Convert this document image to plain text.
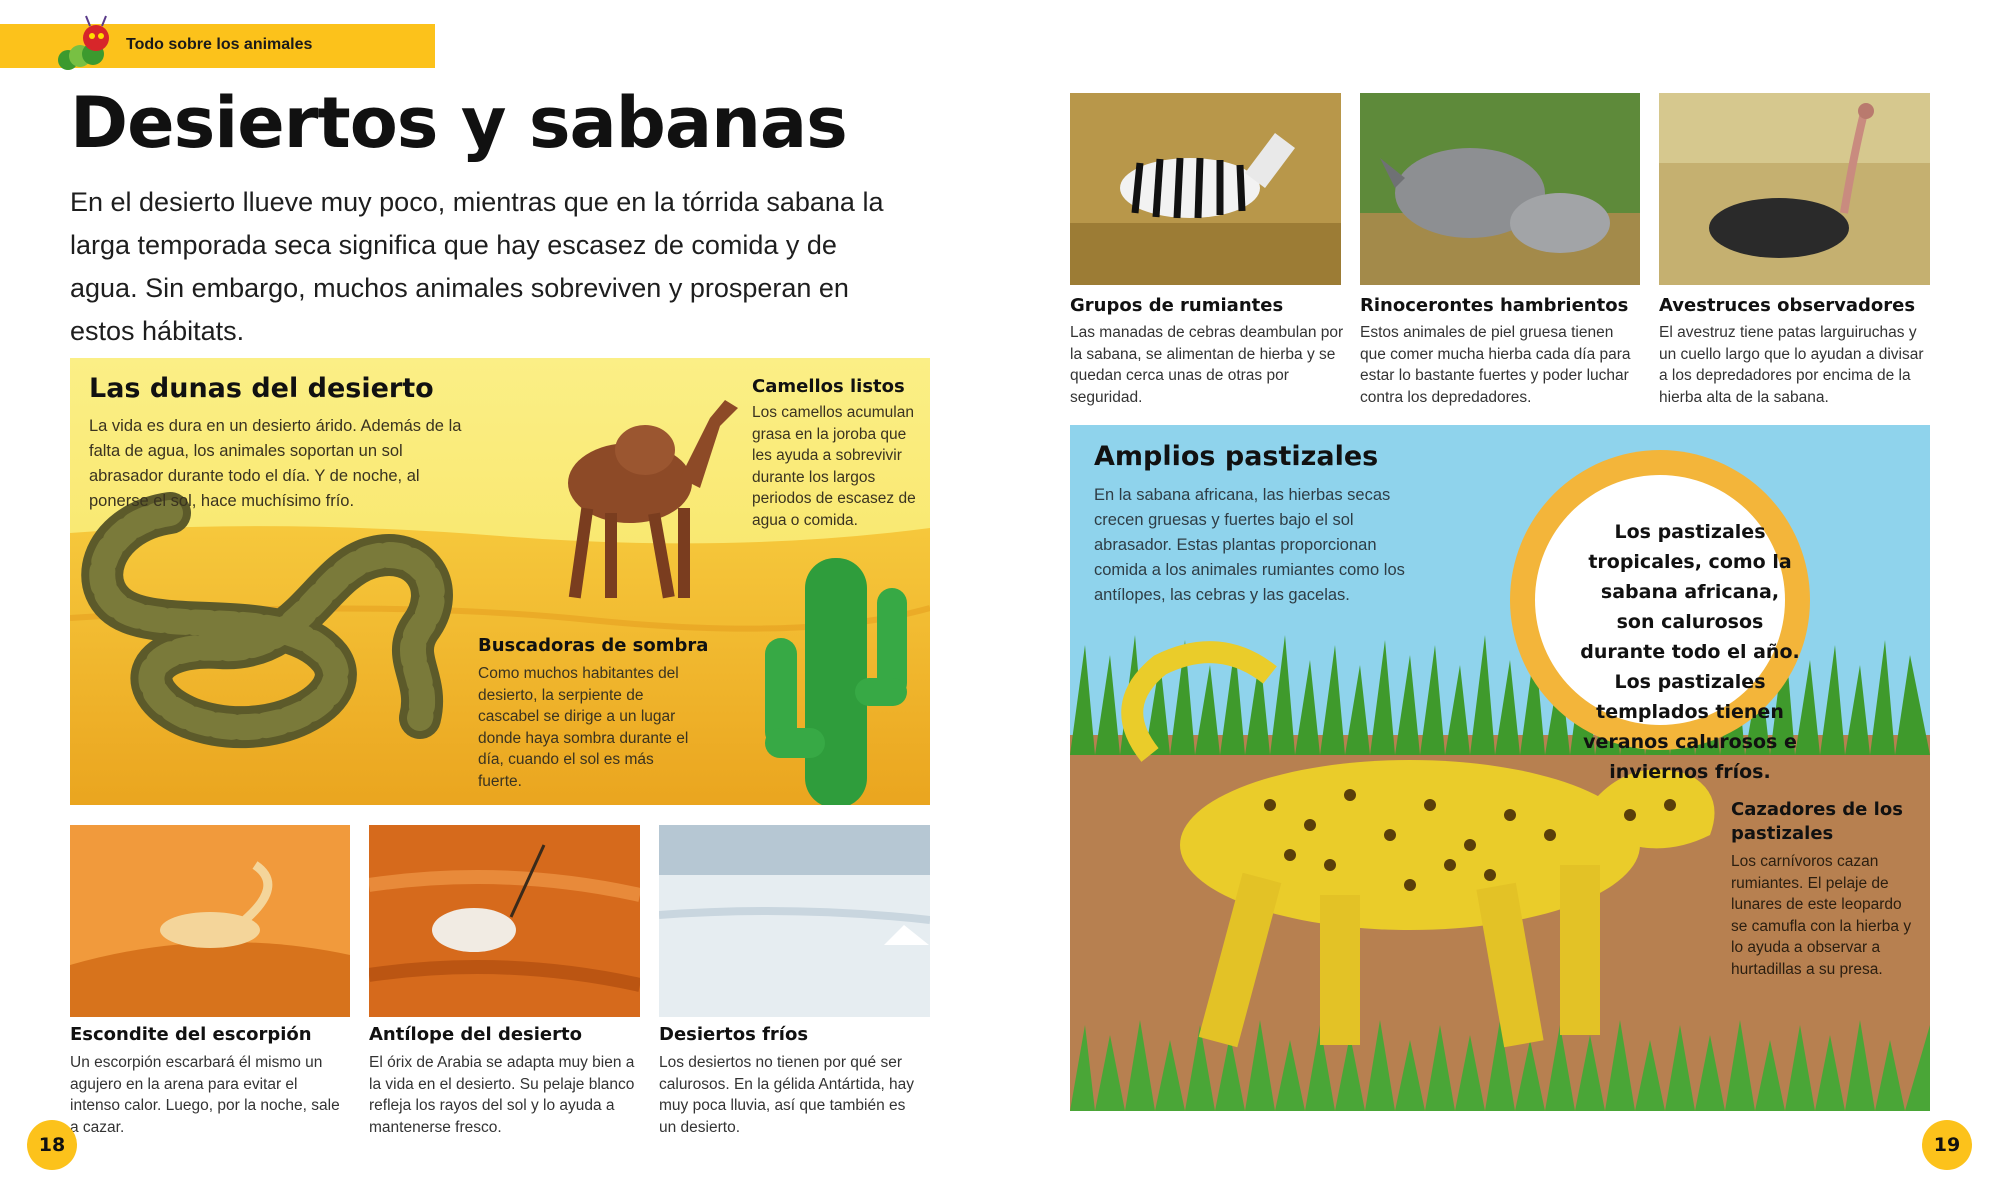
Todo sobre los animales
Desiertos y sabanas
En el desierto llueve muy poco, mientras que en la tórrida sabana la larga temporada seca significa que hay escasez de comida y de agua. Sin embargo, muchos animales sobreviven y prosperan en estos hábitats.
Las dunas del desierto
La vida es dura en un desierto árido. Además de la falta de agua, los animales soportan un sol abrasador durante todo el día. Y de noche, al ponerse el sol, hace muchísimo frío.
Camellos listos
Los camellos acumulan grasa en la joroba que les ayuda a sobrevivir durante los largos periodos de escasez de agua o comida.
Buscadoras de sombra
Como muchos habitantes del desierto, la serpiente de cascabel se dirige a un lugar donde haya sombra durante el día, cuando el sol es más fuerte.
Escondite del escorpión
Un escorpión escarbará él mismo un agujero en la arena para evitar el intenso calor. Luego, por la noche, sale a cazar.
Antílope del desierto
El órix de Arabia se adapta muy bien a la vida en el desierto. Su pelaje blanco refleja los rayos del sol y lo ayuda a mantenerse fresco.
Desiertos fríos
Los desiertos no tienen por qué ser calurosos. En la gélida Antártida, hay muy poca lluvia, así que también es un desierto.
18
Grupos de rumiantes
Las manadas de cebras deambulan por la sabana, se alimentan de hierba y se quedan cerca unas de otras por seguridad.
Rinocerontes hambrientos
Estos animales de piel gruesa tienen que comer mucha hierba cada día para estar lo bastante fuertes y poder luchar contra los depredadores.
Avestruces observadores
El avestruz tiene patas larguiruchas y un cuello largo que lo ayudan a divisar a los depredadores por encima de la hierba alta de la sabana.
Amplios pastizales
En la sabana africana, las hierbas secas crecen gruesas y fuertes bajo el sol abrasador. Estas plantas proporcionan comida a los animales rumiantes como los antílopes, las cebras y las gacelas.
Los pastizales tropicales, como la sabana africana, son calurosos durante todo el año. Los pastizales templados tienen veranos calurosos e inviernos fríos.
Cazadores de los pastizales
Los carnívoros cazan rumiantes. El pelaje de lunares de este leopardo se camufla con la hierba y lo ayuda a observar a hurtadillas a su presa.
19
